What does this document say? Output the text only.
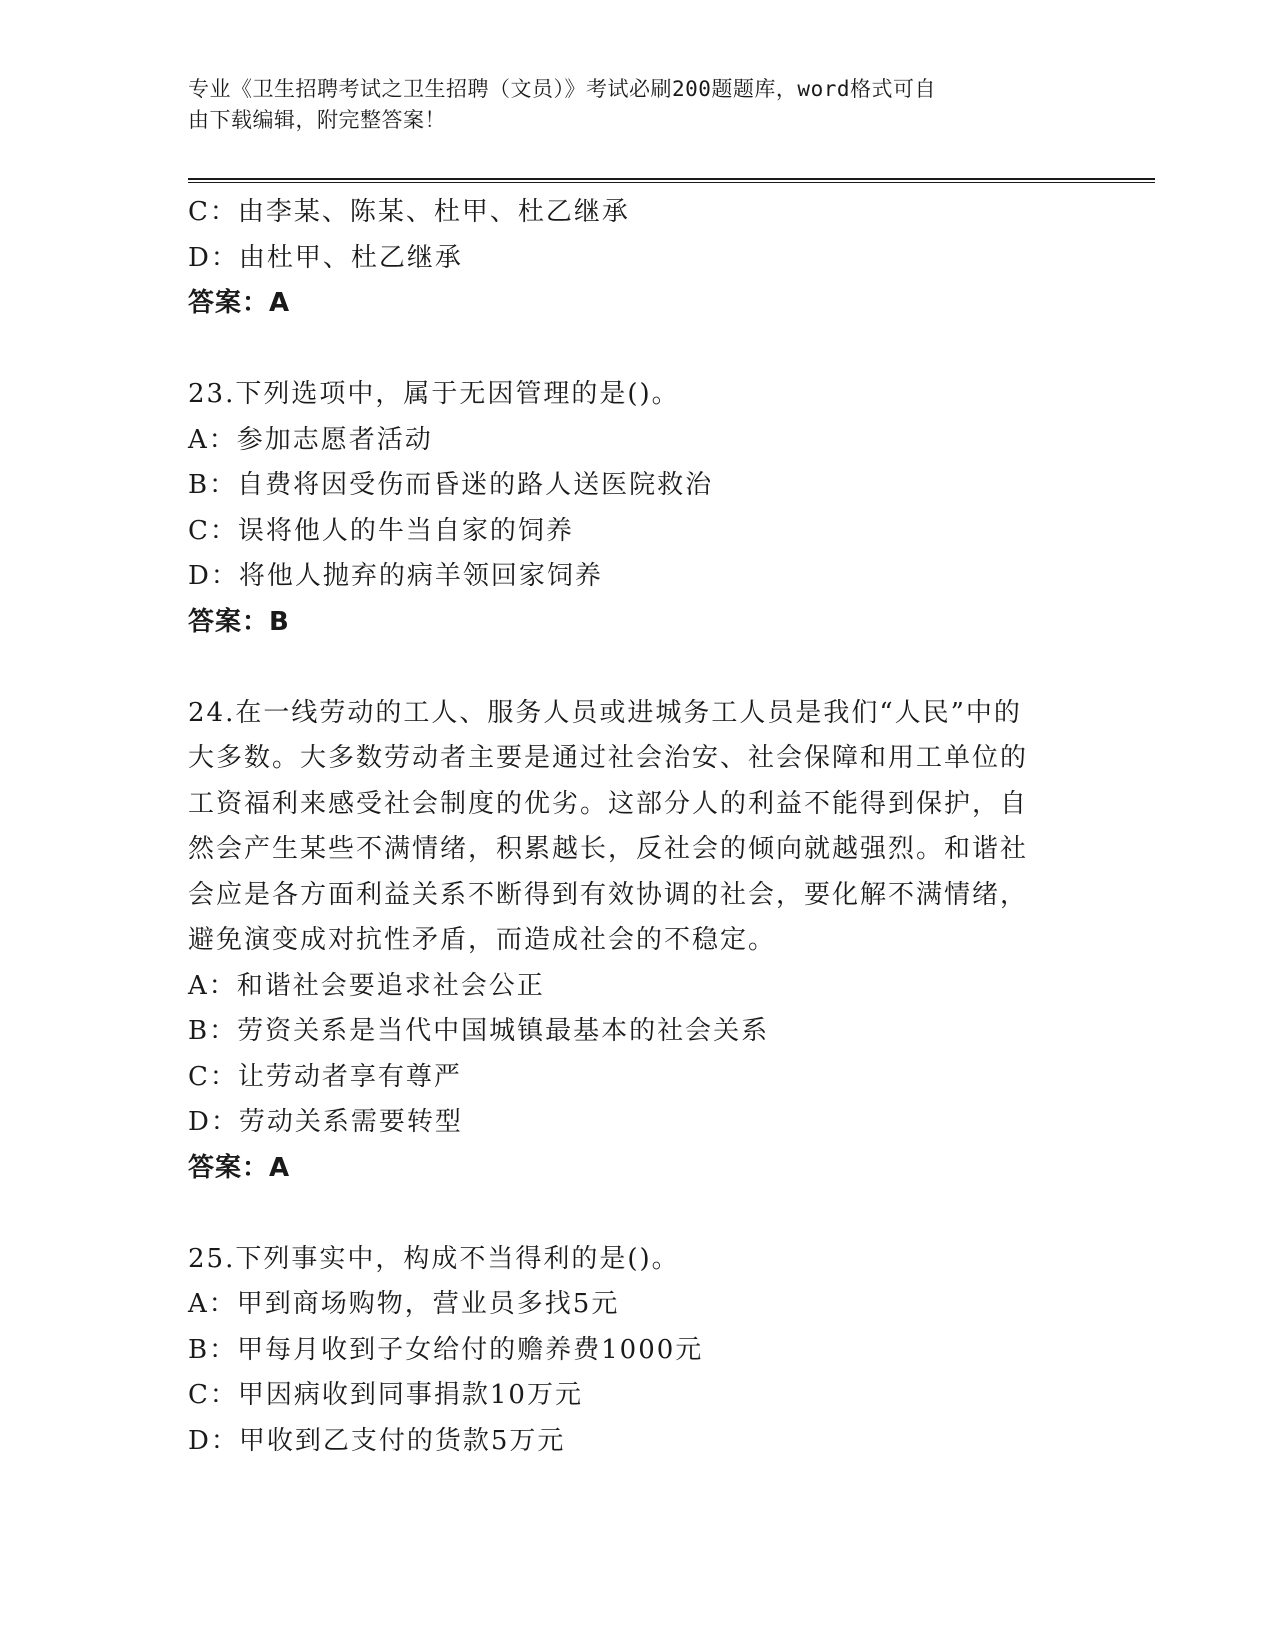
专业《卫生招聘考试之卫生招聘（文员）》考试必刷200题题库，word格式可自
由下载编辑，附完整答案！
C：由李某、陈某、杜甲、杜乙继承
D：由杜甲、杜乙继承
答案：A
23.下列选项中，属于无因管理的是()。
A：参加志愿者活动
B：自费将因受伤而昏迷的路人送医院救治
C：误将他人的牛当自家的饲养
D：将他人抛弃的病羊领回家饲养
答案：B
24.在一线劳动的工人、服务人员或进城务工人员是我们“人民”中的
大多数。大多数劳动者主要是通过社会治安、社会保障和用工单位的
工资福利来感受社会制度的优劣。这部分人的利益不能得到保护，自
然会产生某些不满情绪，积累越长，反社会的倾向就越强烈。和谐社
会应是各方面利益关系不断得到有效协调的社会，要化解不满情绪，
避免演变成对抗性矛盾，而造成社会的不稳定。
A：和谐社会要追求社会公正
B：劳资关系是当代中国城镇最基本的社会关系
C：让劳动者享有尊严
D：劳动关系需要转型
答案：A
25.下列事实中，构成不当得利的是()。
A：甲到商场购物，营业员多找5元
B：甲每月收到子女给付的赡养费1000元
C：甲因病收到同事捐款10万元
D：甲收到乙支付的货款5万元
